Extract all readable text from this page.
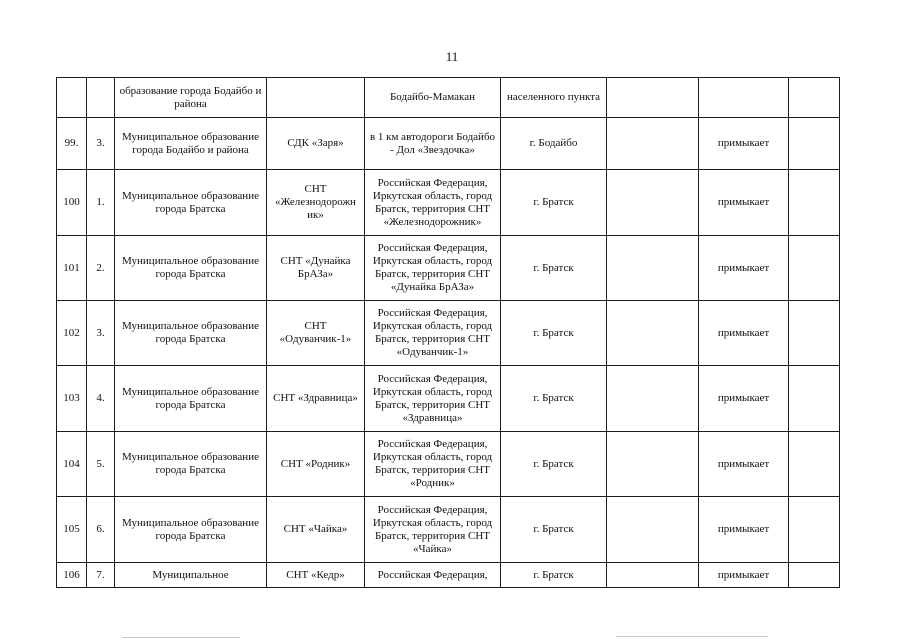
11
		образование города Бодайбо и района		Бодайбо-Мамакан	населенного пункта			
99.	3.	Муниципальное образование города Бодайбо и района	СДК «Заря»	в 1 км автодороги Бодайбо - Дол «Звездочка»	г. Бодайбо		примыкает	
100	1.	Муниципальное образование города Братска	СНТ «Железнодорожн ик»	Российская Федерация, Иркутская область, город Братск, территория СНТ «Железнодорожник»	г. Братск		примыкает	
101	2.	Муниципальное образование города Братска	СНТ «Дунайка БрАЗа»	Российская Федерация, Иркутская область, город Братск, территория СНТ «Дунайка БрАЗа»	г. Братск		примыкает	
102	3.	Муниципальное образование города Братска	СНТ «Одуванчик-1»	Российская Федерация, Иркутская область, город Братск, территория СНТ «Одуванчик-1»	г. Братск		примыкает	
103	4.	Муниципальное образование города Братска	СНТ «Здравница»	Российская Федерация, Иркутская область, город Братск, территория СНТ «Здравница»	г. Братск		примыкает	
104	5.	Муниципальное образование города Братска	СНТ «Родник»	Российская Федерация, Иркутская область, город Братск, территория СНТ «Родник»	г. Братск		примыкает	
105	6.	Муниципальное образование города Братска	СНТ «Чайка»	Российская Федерация, Иркутская область, город Братск, территория СНТ «Чайка»	г. Братск		примыкает	
106	7.	Муниципальное	СНТ «Кедр»	Российская Федерация,	г. Братск		примыкает	
